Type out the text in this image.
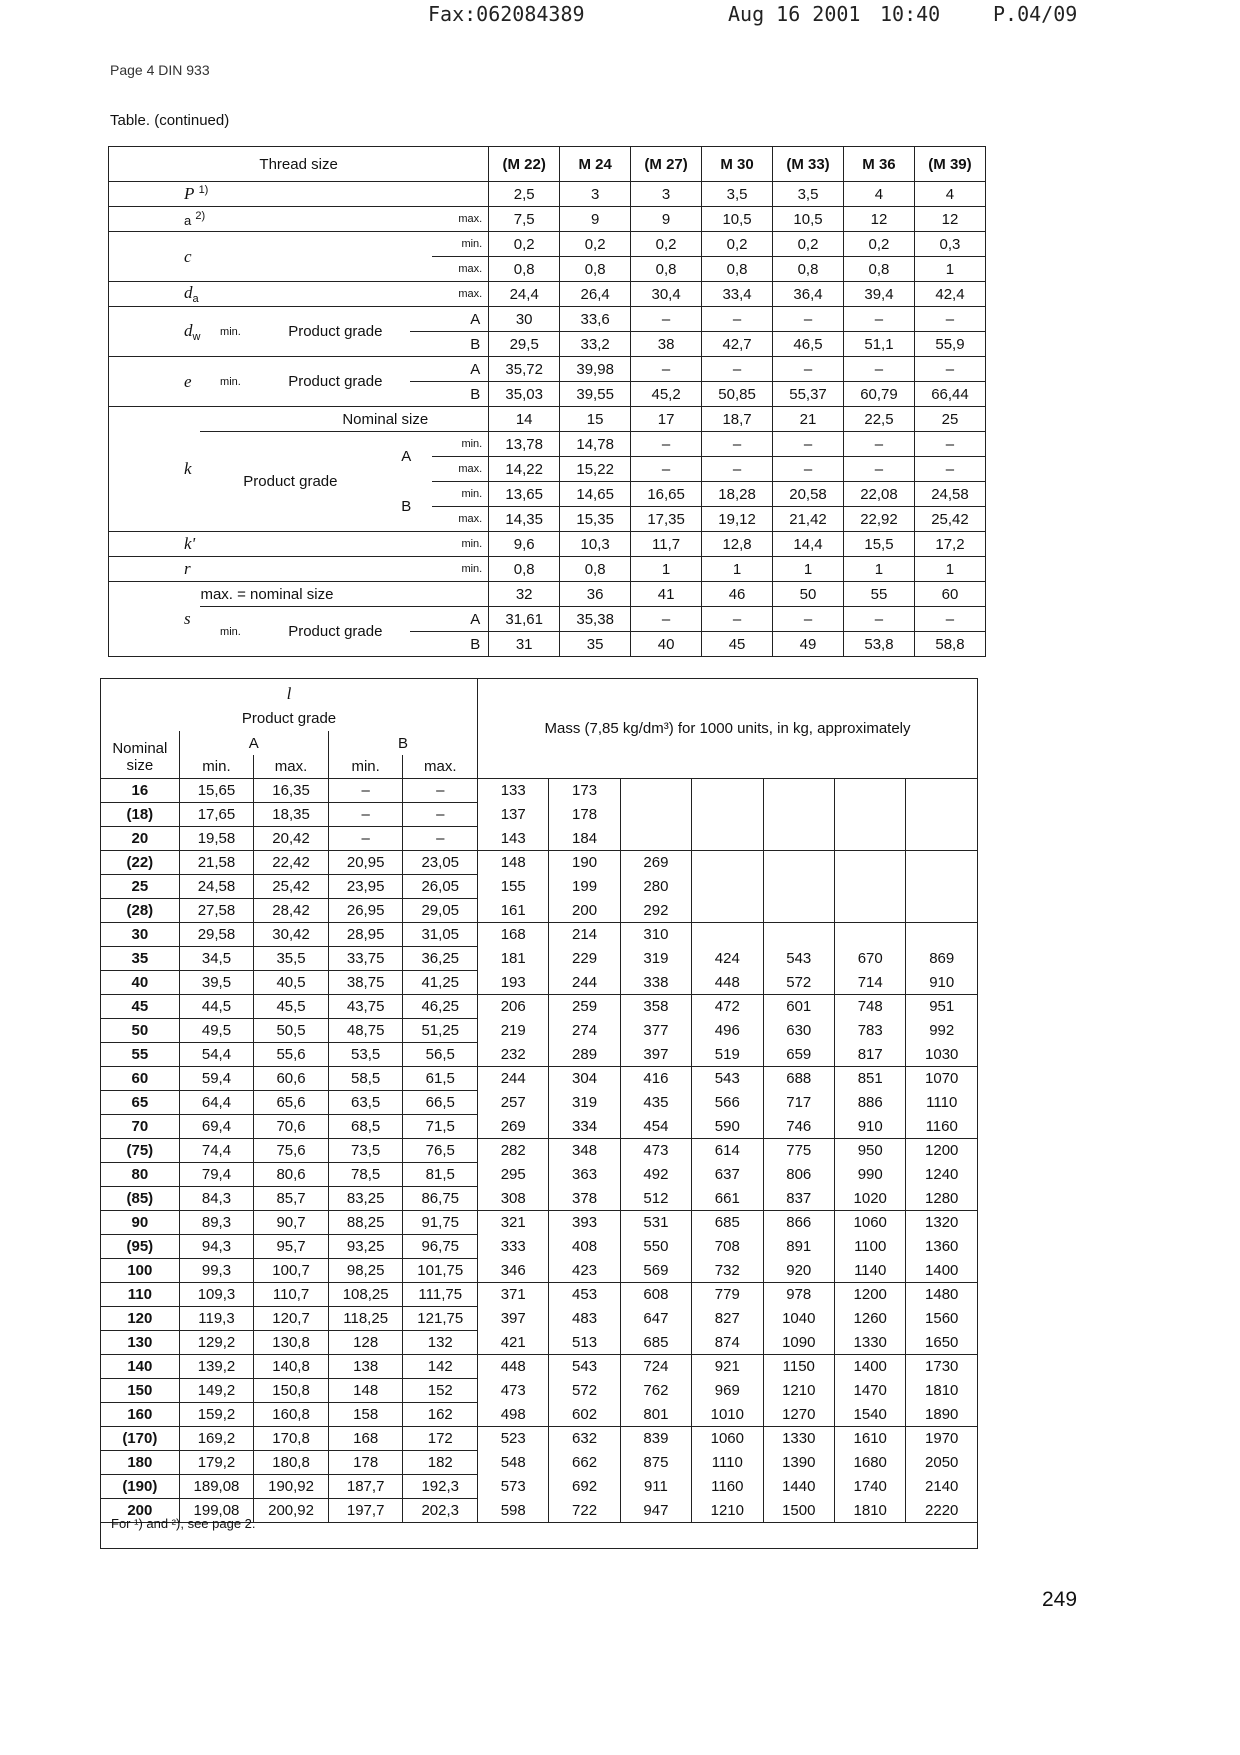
Fax:062084389	Aug 16 2001 10:40	P.04/09
Page 4 DIN 933
Table. (continued)
Thread size						(M 22)	M 24	(M 27)	M 30	(M 33)	M 36	(M 39)
P $^{1)}$						2,5	3	3	3,5	3,5	4	4
a $^{2)}$					max.	7,5	9	9	10,5	10,5	12	12
c					min.	0,2	0,2	0,2	0,2	0,2	0,2	0,3
					max.	0,8	0,8	0,8	0,8	0,8	0,8	1
$d_a$					max.	24,4	26,4	30,4	33,4	36,4	39,4	42,4
$d_w$	min.	Product grade		A		30	33,6	–	–	–	–	–
				B		29,5	33,2	38	42,7	46,5	51,1	55,9
e	min.	Product grade		A		35,72	39,98	–	–	–	–	–
				B		35,03	39,55	45,2	50,85	55,37	60,79	66,44
k	Nominal size					14	15	17	18,7	21	22,5	25
	Product grade		A		min.	13,78	14,78	–	–	–	–	–
					max.	14,22	15,22	–	–	–	–	–
			B		min.	13,65	14,65	16,65	18,28	20,58	22,08	24,58
					max.	14,35	15,35	17,35	19,12	21,42	22,92	25,42
k'					min.	9,6	10,3	11,7	12,8	14,4	15,5	17,2
r					min.	0,8	0,8	1	1	1	1	1
s	max. = nominal size					32	36	41	46	50	55	60
	min.	Product grade		A		31,61	35,38	–	–	–	–	–
				B		31	35	40	45	49	53,8	58,8
l
Product grade					Mass (7,85 kg/dm³) for 1000 units, in kg, approximately						
Nominal size	A		B								
	min.	max.	min.	max.							
16	15,65	16,35	–	–	133	173					
(18)	17,65	18,35	–	–	137	178					
20	19,58	20,42	–	–	143	184					
(22)	21,58	22,42	20,95	23,05	148	190	269				
25	24,58	25,42	23,95	26,05	155	199	280				
(28)	27,58	28,42	26,95	29,05	161	200	292				
30	29,58	30,42	28,95	31,05	168	214	310				
35	34,5	35,5	33,75	36,25	181	229	319	424	543	670	869
40	39,5	40,5	38,75	41,25	193	244	338	448	572	714	910
45	44,5	45,5	43,75	46,25	206	259	358	472	601	748	951
50	49,5	50,5	48,75	51,25	219	274	377	496	630	783	992
55	54,4	55,6	53,5	56,5	232	289	397	519	659	817	1030
60	59,4	60,6	58,5	61,5	244	304	416	543	688	851	1070
65	64,4	65,6	63,5	66,5	257	319	435	566	717	886	1110
70	69,4	70,6	68,5	71,5	269	334	454	590	746	910	1160
(75)	74,4	75,6	73,5	76,5	282	348	473	614	775	950	1200
80	79,4	80,6	78,5	81,5	295	363	492	637	806	990	1240
(85)	84,3	85,7	83,25	86,75	308	378	512	661	837	1020	1280
90	89,3	90,7	88,25	91,75	321	393	531	685	866	1060	1320
(95)	94,3	95,7	93,25	96,75	333	408	550	708	891	1100	1360
100	99,3	100,7	98,25	101,75	346	423	569	732	920	1140	1400
110	109,3	110,7	108,25	111,75	371	453	608	779	978	1200	1480
120	119,3	120,7	118,25	121,75	397	483	647	827	1040	1260	1560
130	129,2	130,8	128	132	421	513	685	874	1090	1330	1650
140	139,2	140,8	138	142	448	543	724	921	1150	1400	1730
150	149,2	150,8	148	152	473	572	762	969	1210	1470	1810
160	159,2	160,8	158	162	498	602	801	1010	1270	1540	1890
(170)	169,2	170,8	168	172	523	632	839	1060	1330	1610	1970
180	179,2	180,8	178	182	548	662	875	1110	1390	1680	2050
(190)	189,08	190,92	187,7	192,3	573	692	911	1160	1440	1740	2140
200	199,08	200,92	197,7	202,3	598	722	947	1210	1500	1810	2220
For ¹) and ²), see page 2.
249
